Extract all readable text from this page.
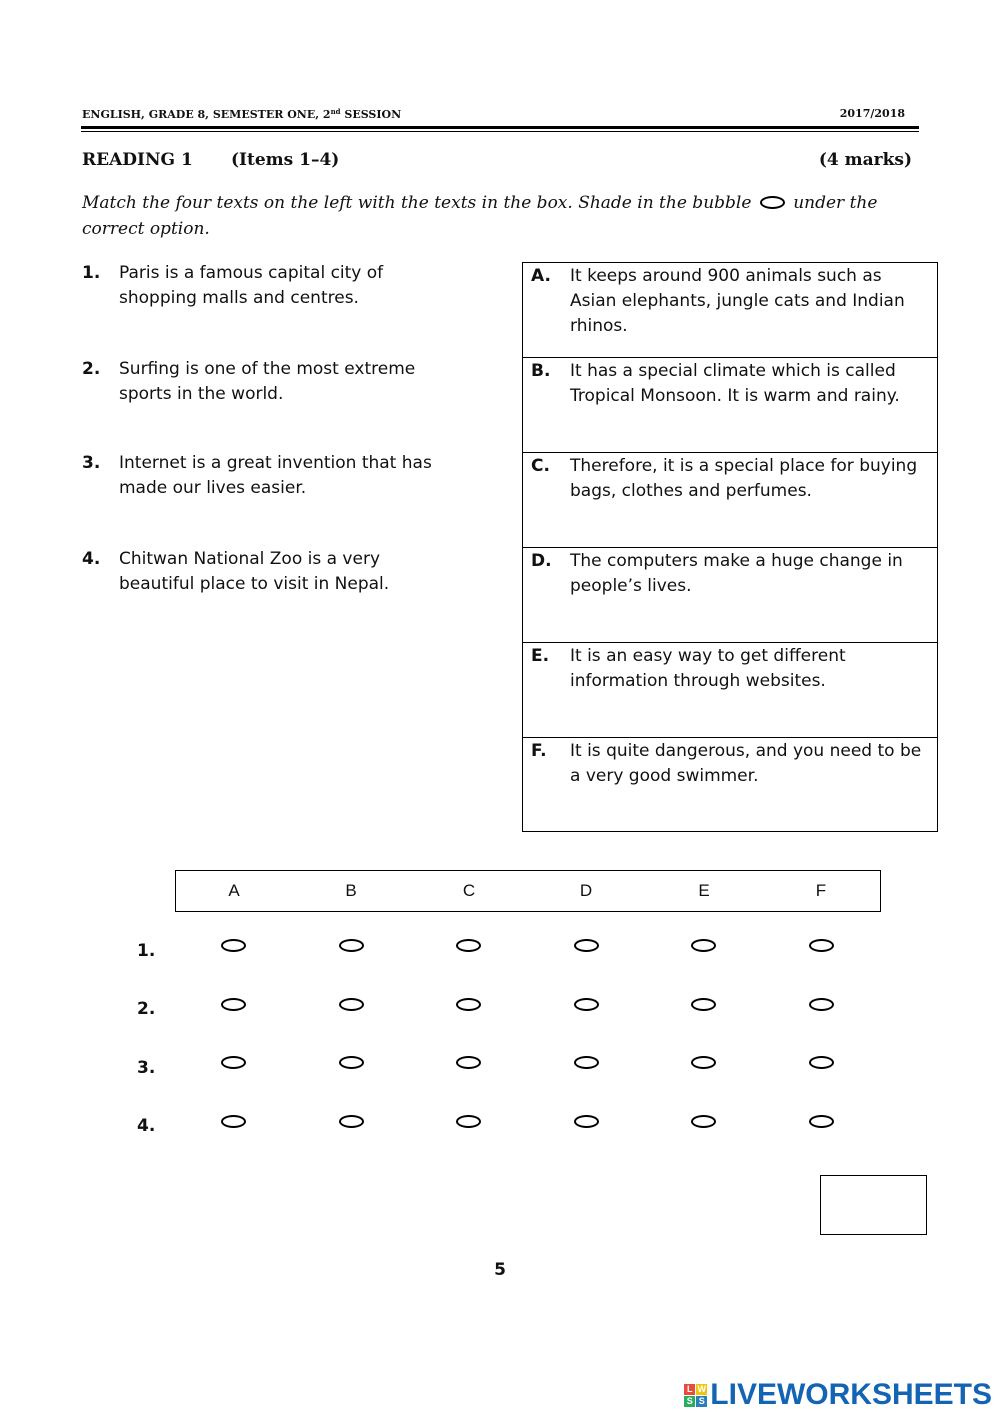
ENGLISH, GRADE 8, SEMESTER ONE, 2nd SESSION	2017/2018
READING 1 (Items 1–4)	(4 marks)
Match the four texts on the left with the texts in the box. Shade in the bubble under the correct option.
1. Paris is a famous capital city of shopping malls and centres.
2. Surfing is one of the most extreme sports in the world.
3. Internet is a great invention that has made our lives easier.
4. Chitwan National Zoo is a very beautiful place to visit in Nepal.
A. It keeps around 900 animals such as Asian elephants, jungle cats and Indian rhinos.
B. It has a special climate which is called Tropical Monsoon. It is warm and rainy.
C. Therefore, it is a special place for buying bags, clothes and perfumes.
D. The computers make a huge change in people’s lives.
E. It is an easy way to get different information through websites.
F. It is quite dangerous, and you need to be a very good swimmer.
A	B	C	D	E	F
1.
2.
3.
4.
5
L W
S S LIVEWORKSHEETS
